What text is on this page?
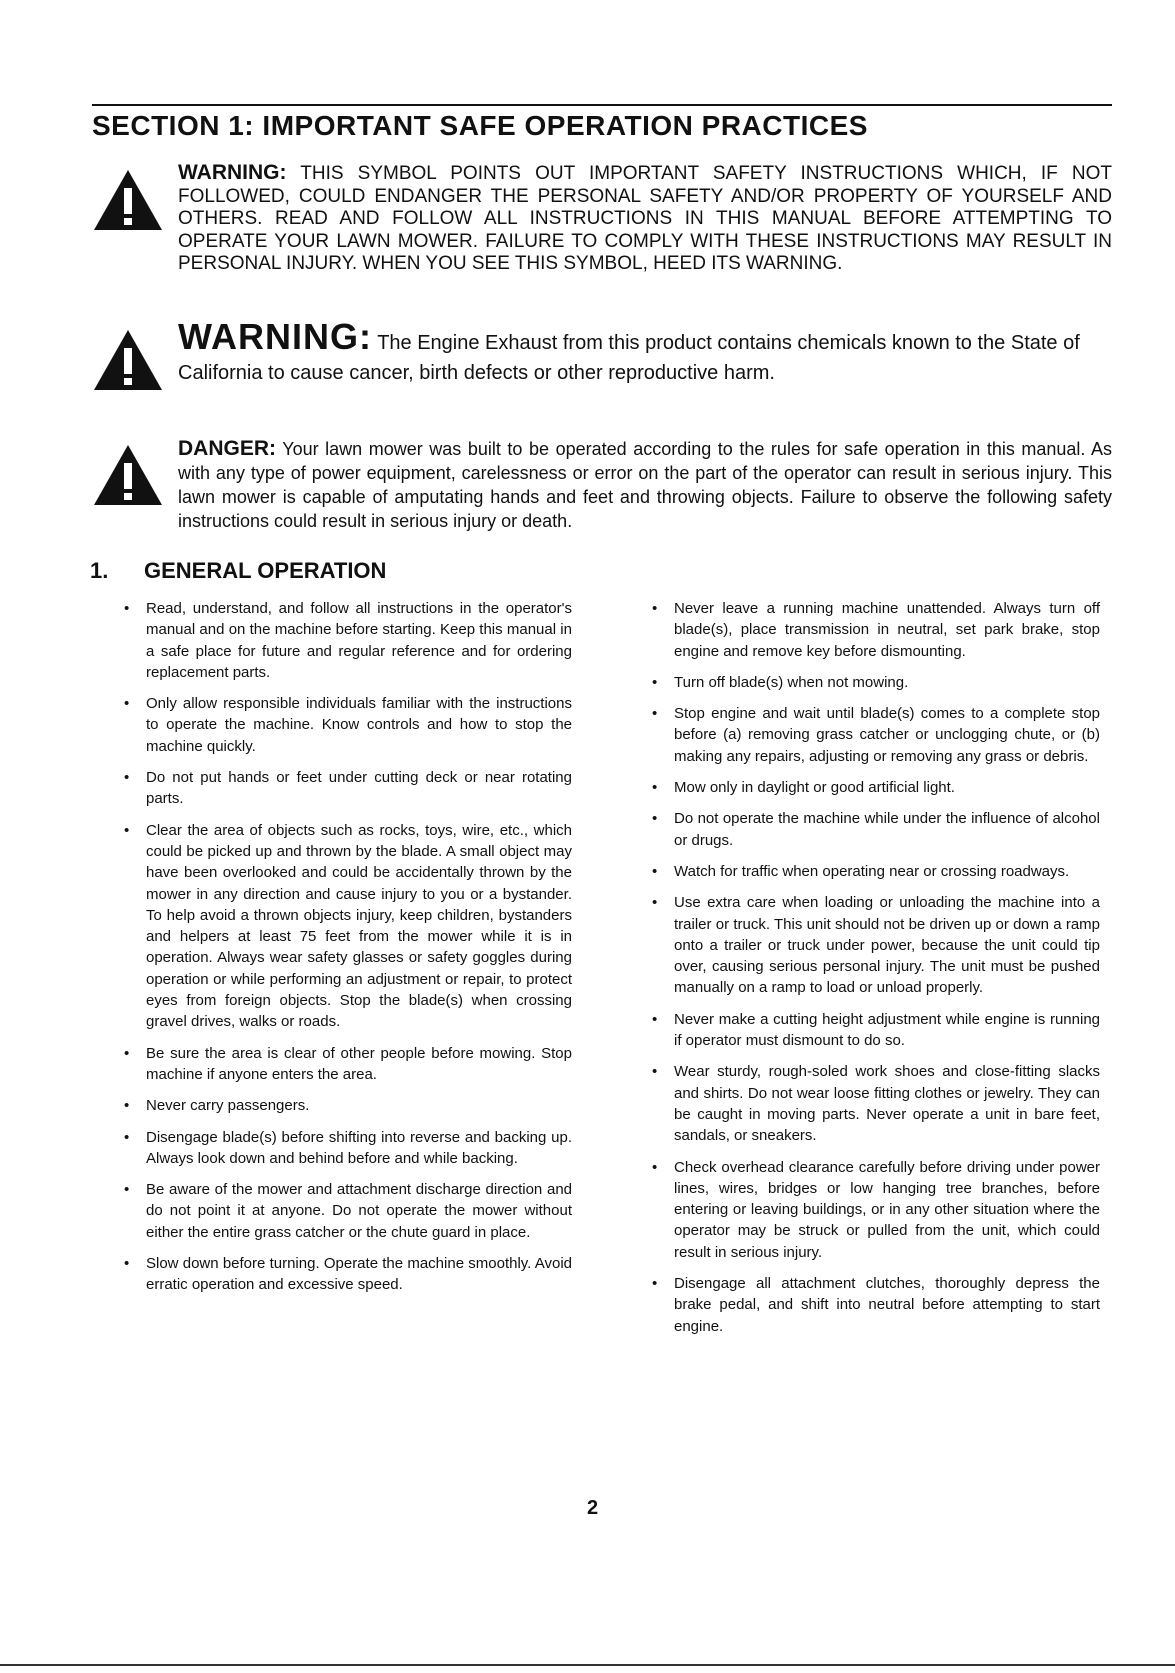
SECTION 1: IMPORTANT SAFE OPERATION PRACTICES
WARNING: THIS SYMBOL POINTS OUT IMPORTANT SAFETY INSTRUCTIONS WHICH, IF NOT FOLLOWED, COULD ENDANGER THE PERSONAL SAFETY AND/OR PROPERTY OF YOURSELF AND OTHERS. READ AND FOLLOW ALL INSTRUCTIONS IN THIS MANUAL BEFORE ATTEMPTING TO OPERATE YOUR LAWN MOWER. FAILURE TO COMPLY WITH THESE INSTRUCTIONS MAY RESULT IN PERSONAL INJURY. WHEN YOU SEE THIS SYMBOL, HEED ITS WARNING.
WARNING: The Engine Exhaust from this product contains chemicals known to the State of California to cause cancer, birth defects or other reproductive harm.
DANGER: Your lawn mower was built to be operated according to the rules for safe operation in this manual. As with any type of power equipment, carelessness or error on the part of the operator can result in serious injury. This lawn mower is capable of amputating hands and feet and throwing objects. Failure to observe the following safety instructions could result in serious injury or death.
1. GENERAL OPERATION
• Read, understand, and follow all instructions in the operator's manual and on the machine before starting. Keep this manual in a safe place for future and regular reference and for ordering replacement parts.
• Only allow responsible individuals familiar with the instructions to operate the machine. Know controls and how to stop the machine quickly.
• Do not put hands or feet under cutting deck or near rotating parts.
• Clear the area of objects such as rocks, toys, wire, etc., which could be picked up and thrown by the blade. A small object may have been overlooked and could be accidentally thrown by the mower in any direction and cause injury to you or a bystander. To help avoid a thrown objects injury, keep children, bystanders and helpers at least 75 feet from the mower while it is in operation. Always wear safety glasses or safety goggles during operation or while performing an adjustment or repair, to protect eyes from foreign objects. Stop the blade(s) when crossing gravel drives, walks or roads.
• Be sure the area is clear of other people before mowing. Stop machine if anyone enters the area.
• Never carry passengers.
• Disengage blade(s) before shifting into reverse and backing up. Always look down and behind before and while backing.
• Be aware of the mower and attachment discharge direction and do not point it at anyone. Do not operate the mower without either the entire grass catcher or the chute guard in place.
• Slow down before turning. Operate the machine smoothly. Avoid erratic operation and excessive speed.
• Never leave a running machine unattended. Always turn off blade(s), place transmission in neutral, set park brake, stop engine and remove key before dismounting.
• Turn off blade(s) when not mowing.
• Stop engine and wait until blade(s) comes to a complete stop before (a) removing grass catcher or unclogging chute, or (b) making any repairs, adjusting or removing any grass or debris.
• Mow only in daylight or good artificial light.
• Do not operate the machine while under the influence of alcohol or drugs.
• Watch for traffic when operating near or crossing roadways.
• Use extra care when loading or unloading the machine into a trailer or truck. This unit should not be driven up or down a ramp onto a trailer or truck under power, because the unit could tip over, causing serious personal injury. The unit must be pushed manually on a ramp to load or unload properly.
• Never make a cutting height adjustment while engine is running if operator must dismount to do so.
• Wear sturdy, rough-soled work shoes and close-fitting slacks and shirts. Do not wear loose fitting clothes or jewelry. They can be caught in moving parts. Never operate a unit in bare feet, sandals, or sneakers.
• Check overhead clearance carefully before driving under power lines, wires, bridges or low hanging tree branches, before entering or leaving buildings, or in any other situation where the operator may be struck or pulled from the unit, which could result in serious injury.
• Disengage all attachment clutches, thoroughly depress the brake pedal, and shift into neutral before attempting to start engine.
2
